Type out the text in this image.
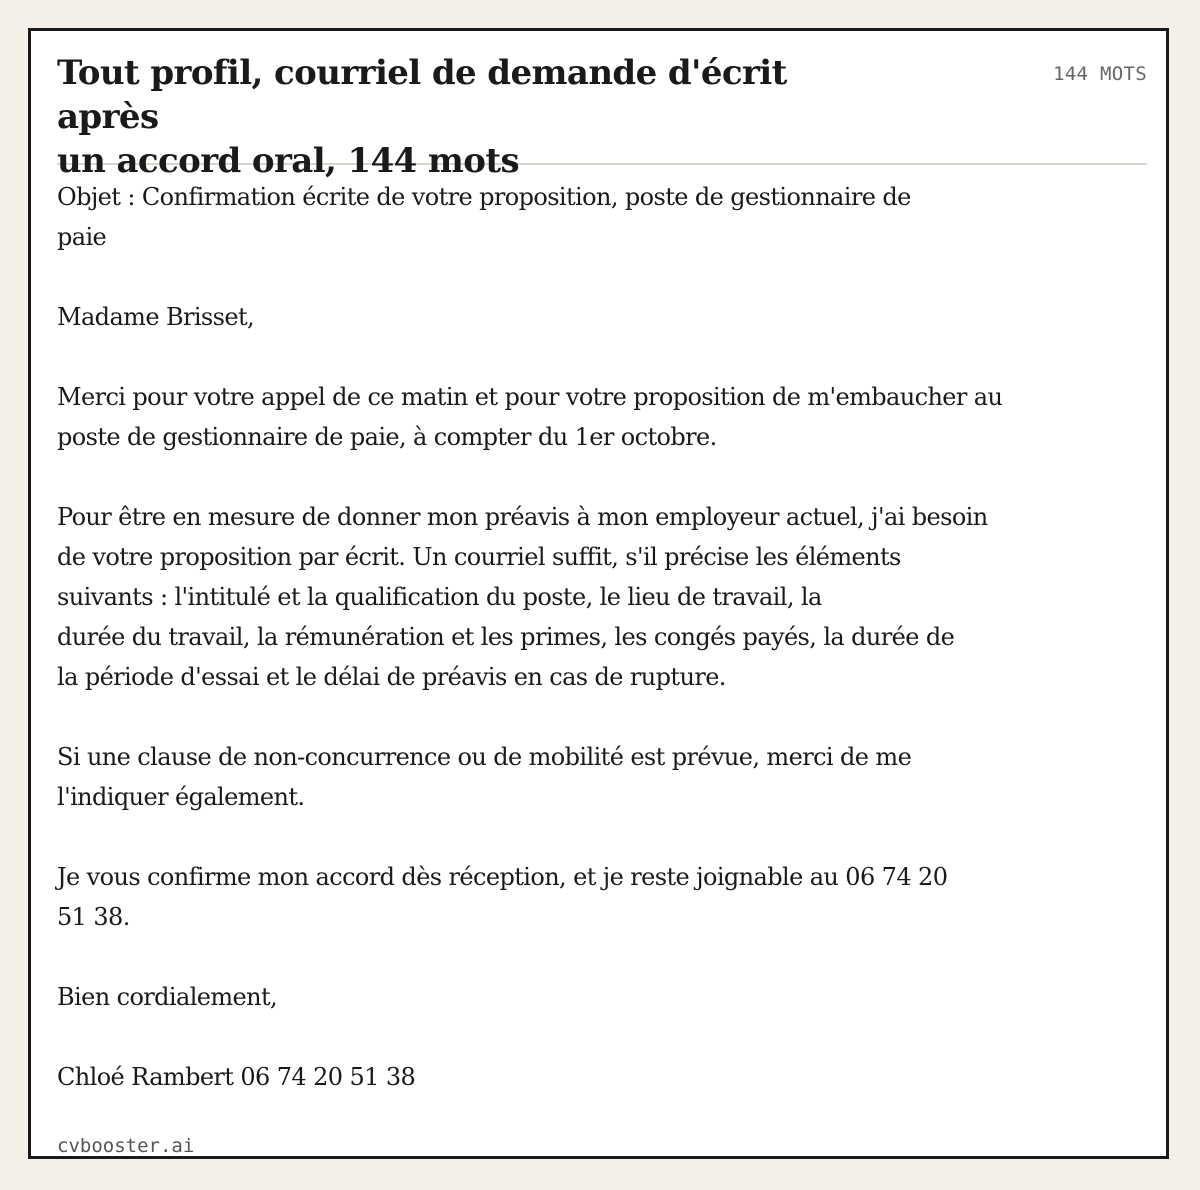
Tout profil, courriel de demande d'écrit après
un accord oral, 144 mots
144 MOTS

Objet : Confirmation écrite de votre proposition, poste de gestionnaire de
paie

Madame Brisset,

Merci pour votre appel de ce matin et pour votre proposition de m'embaucher au
poste de gestionnaire de paie, à compter du 1er octobre.

Pour être en mesure de donner mon préavis à mon employeur actuel, j'ai besoin
de votre proposition par écrit. Un courriel suffit, s'il précise les éléments
suivants : l'intitulé et la qualification du poste, le lieu de travail, la
durée du travail, la rémunération et les primes, les congés payés, la durée de
la période d'essai et le délai de préavis en cas de rupture.

Si une clause de non-concurrence ou de mobilité est prévue, merci de me
l'indiquer également.

Je vous confirme mon accord dès réception, et je reste joignable au 06 74 20
51 38.

Bien cordialement,

Chloé Rambert 06 74 20 51 38

cvbooster.ai
